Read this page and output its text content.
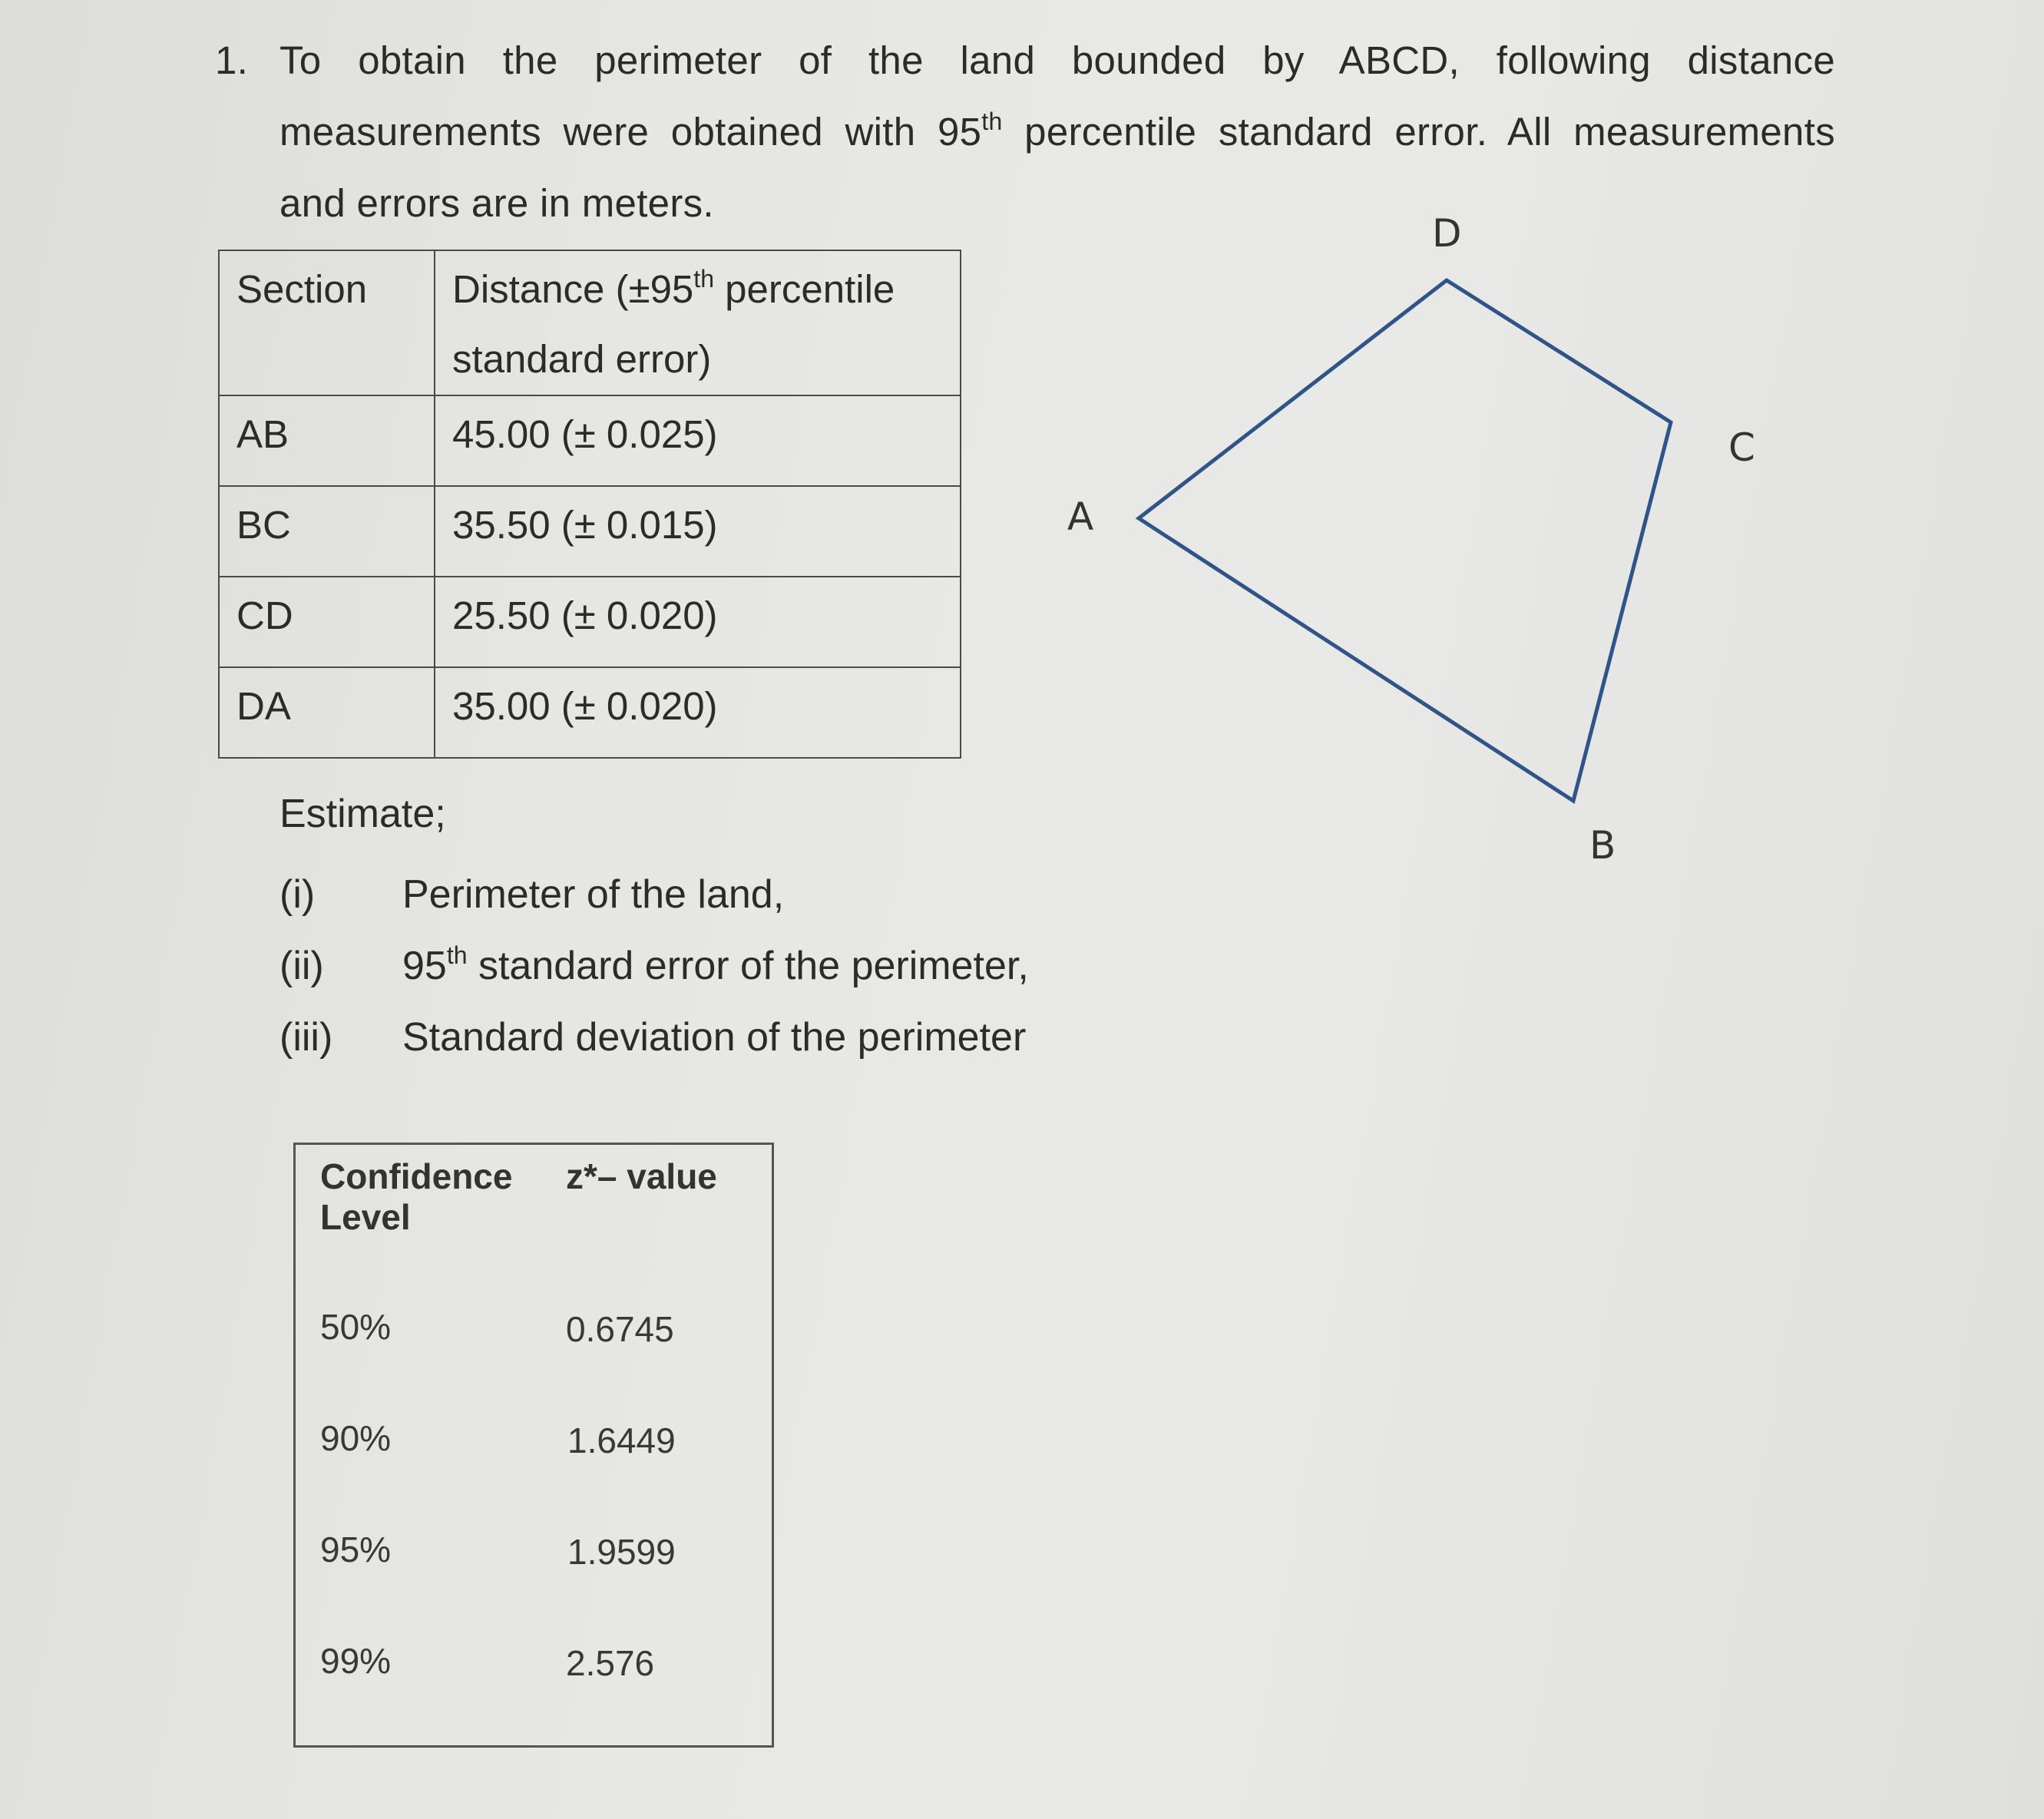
1. To obtain the perimeter of the land bounded by ABCD, following distance
measurements were obtained with 95th percentile standard error. All measurements
and errors are in meters.
Section	Distance (±95th percentile
standard error)
AB	45.00 (± 0.025)
BC	35.50 (± 0.015)
CD	25.50 (± 0.020)
DA	35.00 (± 0.020)
D
C
A
B
Estimate;
(i) Perimeter of the land,
(ii) 95th standard error of the perimeter,
(iii) Standard deviation of the perimeter
Confidence
Level
z*– value
50%	0.6745
90%	1.6449
95%	1.9599
99%	2.576
